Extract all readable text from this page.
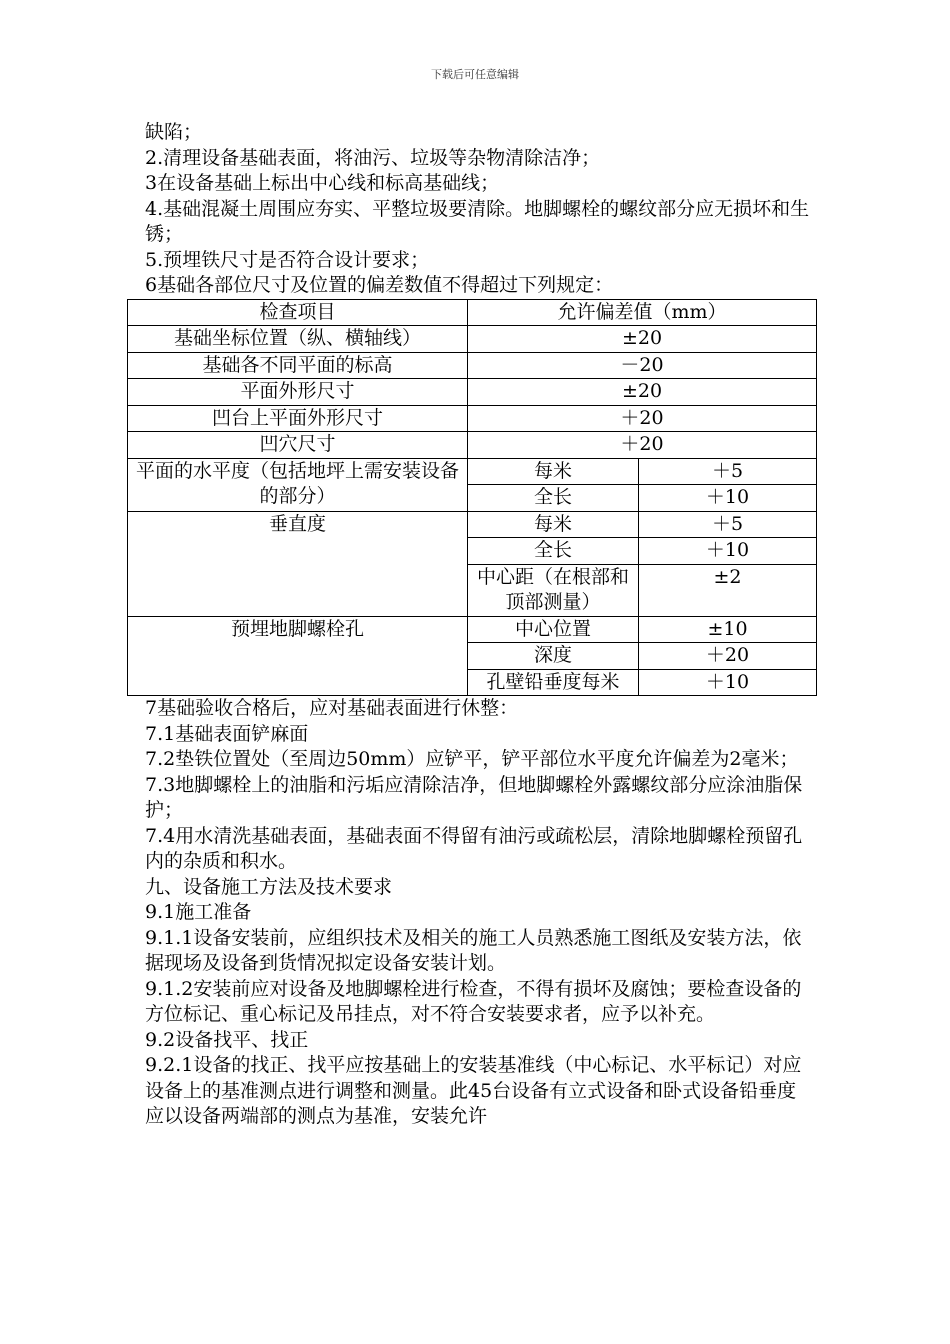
下载后可任意编辑

缺陷；

2.清理设备基础表面，将油污、垃圾等杂物清除洁净；

3在设备基础上标出中心线和标高基础线；

4.基础混凝土周围应夯实、平整垃圾要清除。地脚螺栓的螺纹部分应无损坏和生锈；

5.预埋铁尺寸是否符合设计要求；

6基础各部位尺寸及位置的偏差数值不得超过下列规定：

检查项目	允许偏差值（mm）	
基础坐标位置（纵、横轴线）	±20	
基础各不同平面的标高	－20	
平面外形尺寸	±20	
凹台上平面外形尺寸	＋20	
凹穴尺寸	＋20	
平面的水平度（包括地坪上需安装设备的部分）	每米	＋5
	全长	＋10
垂直度	每米	＋5
	全长	＋10
	中心距（在根部和顶部测量）	±2
预埋地脚螺栓孔	中心位置	±10
	深度	＋20
	孔壁铅垂度每米	＋10

7基础验收合格后，应对基础表面进行休整：

7.1基础表面铲麻面

7.2垫铁位置处（至周边50mm）应铲平，铲平部位水平度允许偏差为2毫米；

7.3地脚螺栓上的油脂和污垢应清除洁净，但地脚螺栓外露螺纹部分应涂油脂保护；

7.4用水清洗基础表面，基础表面不得留有油污或疏松层，清除地脚螺栓预留孔内的杂质和积水。

九、设备施工方法及技术要求

9.1施工准备

9.1.1设备安装前，应组织技术及相关的施工人员熟悉施工图纸及安装方法，依据现场及设备到货情况拟定设备安装计划。

9.1.2安装前应对设备及地脚螺栓进行检查，不得有损坏及腐蚀；要检查设备的方位标记、重心标记及吊挂点，对不符合安装要求者，应予以补充。

9.2设备找平、找正

9.2.1设备的找正、找平应按基础上的安装基准线（中心标记、水平标记）对应设备上的基准测点进行调整和测量。此45台设备有立式设备和卧式设备铅垂度应以设备两端部的测点为基准，安装允许
